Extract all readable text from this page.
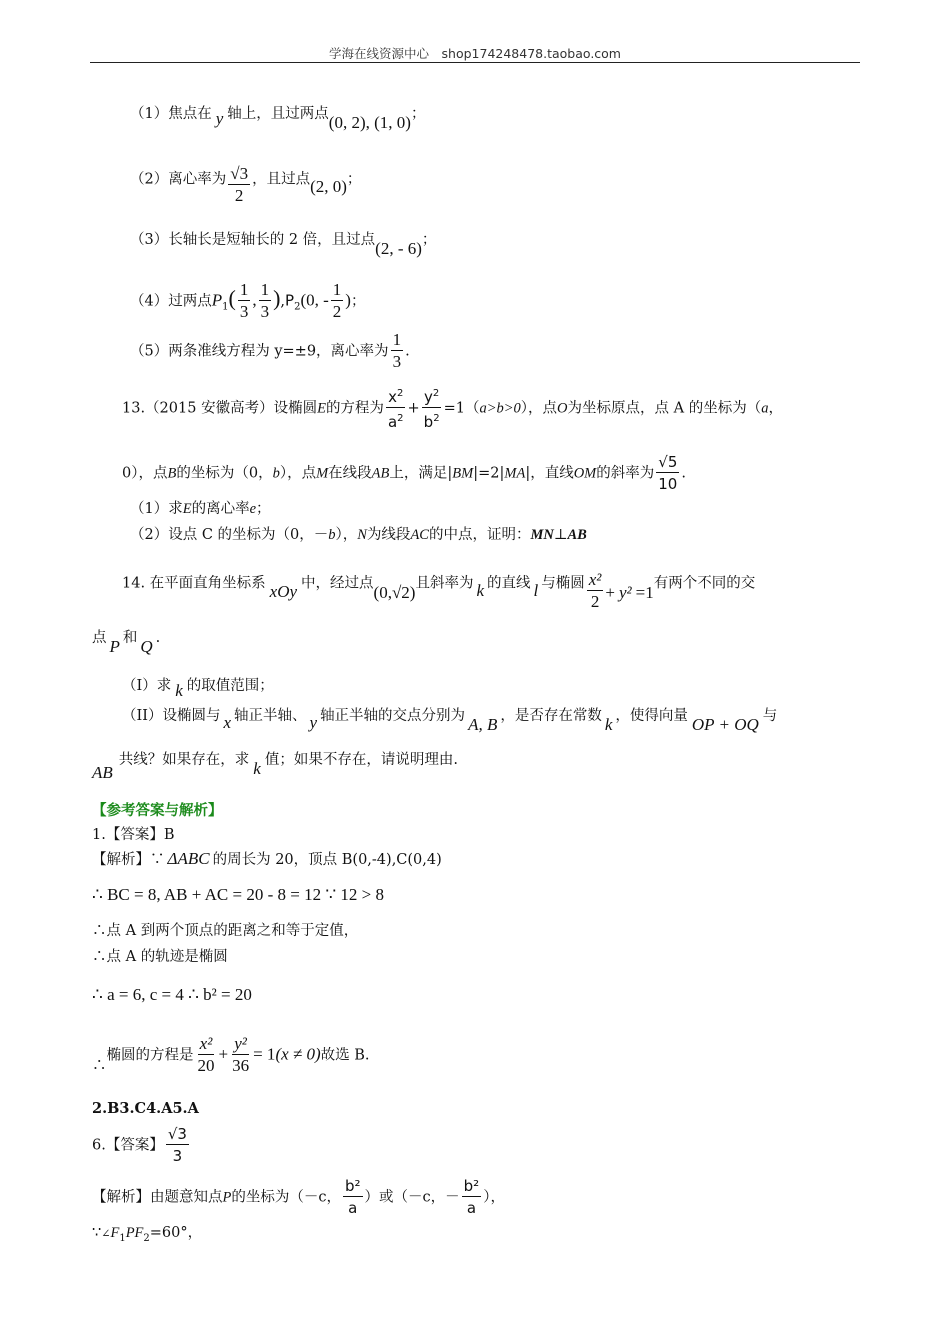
学海在线资源中心　shop174248478.taobao.com
（1）焦点在 y 轴上，且过两点(0, 2), (1, 0)；
（2）离心率为 $\frac{√3}{2}$ ，且过点(2, 0)；
（3）长轴长是短轴长的 2 倍，且过点(2, - 6)；
（4）过两点$P_1( \frac{1}{3}$ , $\frac{1}{3} ),P_2(0$, - $\frac{1}{2}$ )；
（5）两条准线方程为 y=±9，离心率为 $\frac{1}{3}$ .
13.（2015 安徽高考）设椭圆E的方程为 $\frac{x^2}{a^2} + \frac{y^2}{b^2} =1(a>b>0)$，点O为坐标原点，点 A 的坐标为（a，
0），点B的坐标为（0，b），点M在线段AB上，满足|BM|=2|MA|，直线OM的斜率为 $\frac{√5}{10}$ .
（1）求E的离心率e；
（2）设点 C 的坐标为（0，－b），N为线段AC的中点，证明：MN⊥AB
14. 在平面直角坐标系 xOy 中，经过点(0,√2)且斜率为 k 的直线 l 与椭圆 $\frac{\text{x²}}{2} + y^2 =1$有两个不同的交
点 P 和 Q .
（I）求 k 的取值范围；
（II）设椭圆与 x 轴正半轴、 y 轴正半轴的交点分别为 A, B ，是否存在常数 k ，使得向量 OP + OQ 与
AB共线？如果存在，求 k 值；如果不存在，请说明理由.
【参考答案与解析】
1.【答案】B
【解析】∵ ΔABC 的周长为 20，顶点 B(0,-4),C(0,4)
∴ BC = 8, AB + AC = 20 - 8 = 12 ∵ 12 > 8
∴点 A 到两个顶点的距离之和等于定值，
∴点 A 的轨迹是椭圆
∴ a = 6, c = 4 ∴ b² = 20
∴椭圆的方程是 $\frac{\text{x²}}{20} + \frac{\text{y²}}{36} = 1(x \ne 0)$故选 B.
2.B3.C4.A5.A
6.【答案】 $\frac{√3}{3}$
【解析】由题意知点P的坐标为（－c， $\frac{\text{b²}}{a}$ ）或（－c，－ $\frac{\text{b²}}{a}$ ），
$\because\angle F_1PF_2=60^\circ$，
